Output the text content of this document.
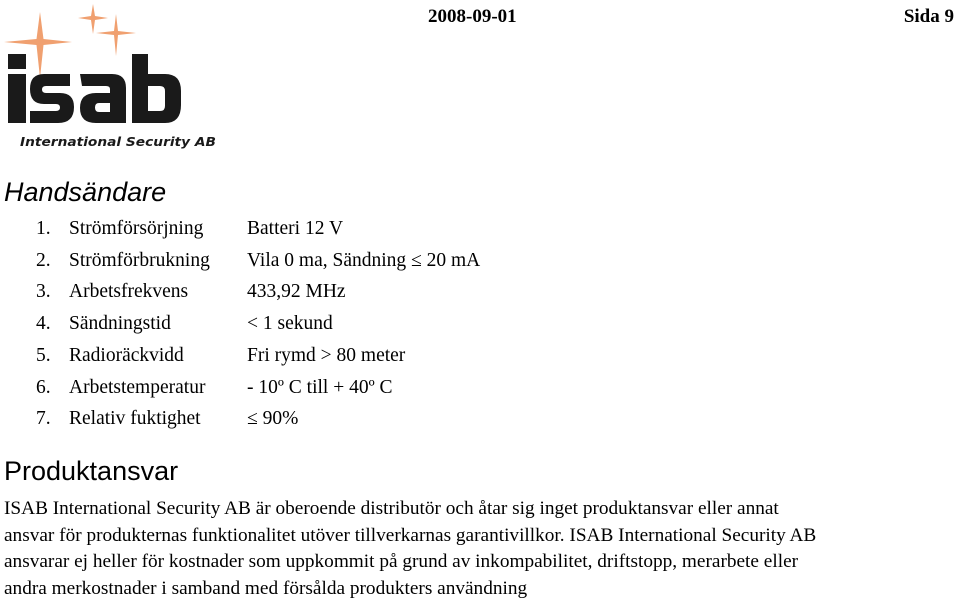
International Security AB
2008-09-01	Sida 9
Handsändare
1. Strömförsörjning	Batteri 12 V
2. Strömförbrukning	Vila 0 ma, Sändning ≤ 20 mA
3. Arbetsfrekvens	433,92 MHz
4. Sändningstid	< 1 sekund
5. Radioräckvidd	Fri rymd > 80 meter
6. Arbetstemperatur	- 10º C till + 40º C
7. Relativ fuktighet	≤ 90%
Produktansvar

ISAB International Security AB är oberoende distributör och åtar sig inget produktansvar eller annat
ansvar för produkternas funktionalitet utöver tillverkarnas garantivillkor. ISAB International Security AB
ansvarar ej heller för kostnader som uppkommit på grund av inkompabilitet, driftstopp, merarbete eller
andra merkostnader i samband med försålda produkters användning
